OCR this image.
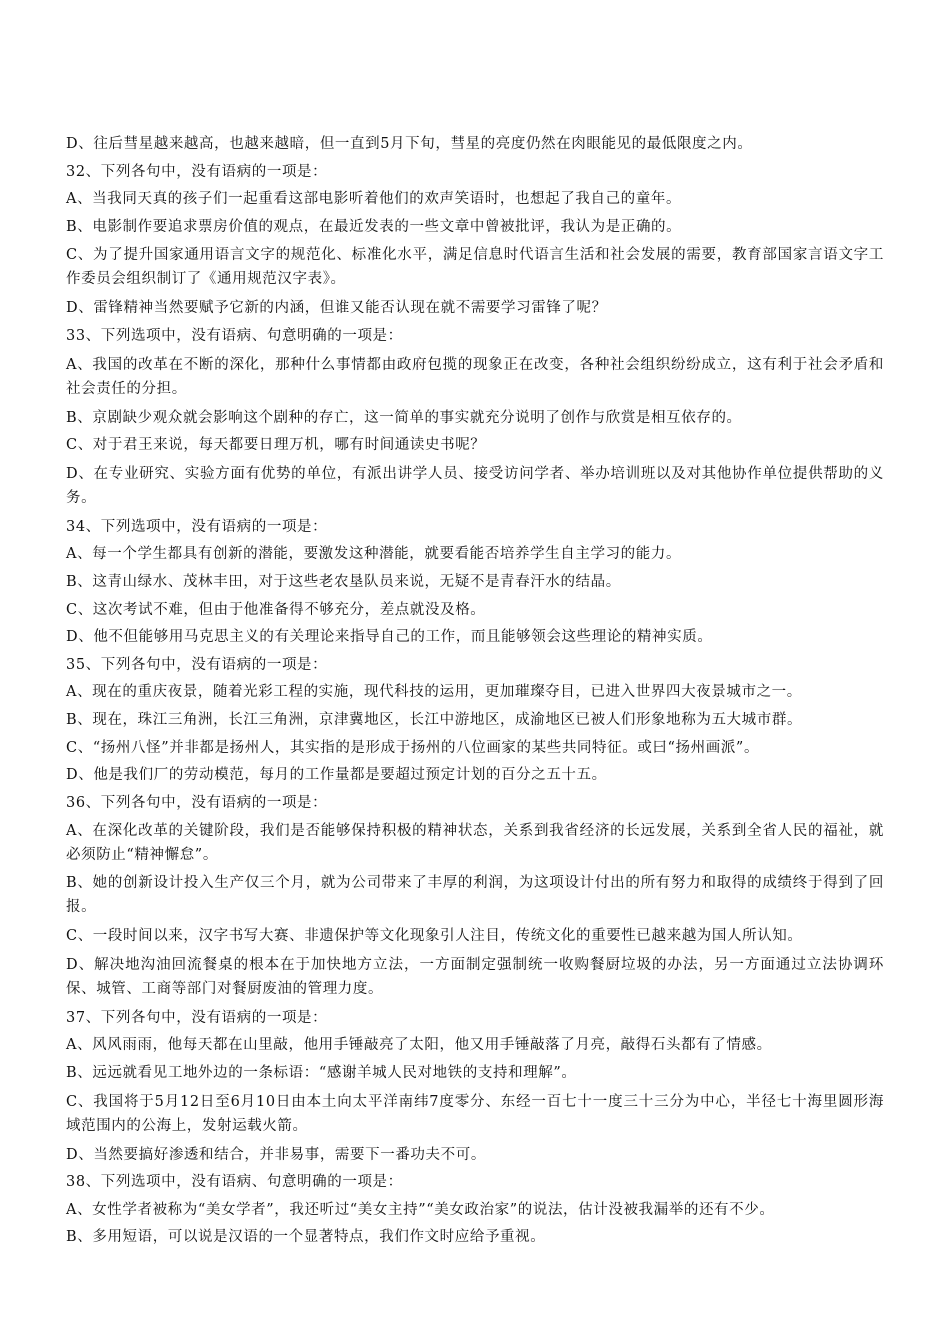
D、往后彗星越来越高，也越来越暗，但一直到5月下旬，彗星的亮度仍然在肉眼能见的最低限度之内。

32、下列各句中，没有语病的一项是：

A、当我同天真的孩子们一起重看这部电影听着他们的欢声笑语时，也想起了我自己的童年。

B、电影制作要追求票房价值的观点，在最近发表的一些文章中曾被批评，我认为是正确的。

C、为了提升国家通用语言文字的规范化、标准化水平，满足信息时代语言生活和社会发展的需要，教育部国家言语文字工作委员会组织制订了《通用规范汉字表》。

D、雷锋精神当然要赋予它新的内涵，但谁又能否认现在就不需要学习雷锋了呢？

33、下列选项中，没有语病、句意明确的一项是：

A、我国的改革在不断的深化，那种什么事情都由政府包揽的现象正在改变，各种社会组织纷纷成立，这有利于社会矛盾和社会责任的分担。

B、京剧缺少观众就会影响这个剧种的存亡，这一简单的事实就充分说明了创作与欣赏是相互依存的。

C、对于君王来说，每天都要日理万机，哪有时间通读史书呢？

D、在专业研究、实验方面有优势的单位，有派出讲学人员、接受访问学者、举办培训班以及对其他协作单位提供帮助的义务。

34、下列选项中，没有语病的一项是：

A、每一个学生都具有创新的潜能，要激发这种潜能，就要看能否培养学生自主学习的能力。

B、这青山绿水、茂林丰田，对于这些老农垦队员来说，无疑不是青春汗水的结晶。

C、这次考试不难，但由于他准备得不够充分，差点就没及格。

D、他不但能够用马克思主义的有关理论来指导自己的工作，而且能够领会这些理论的精神实质。

35、下列各句中，没有语病的一项是：

A、现在的重庆夜景，随着光彩工程的实施，现代科技的运用，更加璀璨夺目，已进入世界四大夜景城市之一。

B、现在，珠江三角洲，长江三角洲，京津冀地区，长江中游地区，成渝地区已被人们形象地称为五大城市群。

C、“扬州八怪”并非都是扬州人，其实指的是形成于扬州的八位画家的某些共同特征。或曰“扬州画派”。

D、他是我们厂的劳动模范，每月的工作量都是要超过预定计划的百分之五十五。

36、下列各句中，没有语病的一项是：

A、在深化改革的关键阶段，我们是否能够保持积极的精神状态，关系到我省经济的长远发展，关系到全省人民的福祉，就必须防止“精神懈怠”。

B、她的创新设计投入生产仅三个月，就为公司带来了丰厚的利润，为这项设计付出的所有努力和取得的成绩终于得到了回报。

C、一段时间以来，汉字书写大赛、非遗保护等文化现象引人注目，传统文化的重要性已越来越为国人所认知。

D、解决地沟油回流餐桌的根本在于加快地方立法，一方面制定强制统一收购餐厨垃圾的办法，另一方面通过立法协调环保、城管、工商等部门对餐厨废油的管理力度。

37、下列各句中，没有语病的一项是：

A、风风雨雨，他每天都在山里敲，他用手锤敲亮了太阳，他又用手锤敲落了月亮，敲得石头都有了情感。

B、远远就看见工地外边的一条标语：“感谢羊城人民对地铁的支持和理解”。

C、我国将于5月12日至6月10日由本土向太平洋南纬7度零分、东经一百七十一度三十三分为中心，半径七十海里圆形海域范围内的公海上，发射运载火箭。

D、当然要搞好渗透和结合，并非易事，需要下一番功夫不可。

38、下列选项中，没有语病、句意明确的一项是：

A、女性学者被称为“美女学者”，我还听过“美女主持”“美女政治家”的说法，估计没被我漏举的还有不少。

B、多用短语，可以说是汉语的一个显著特点，我们作文时应给予重视。
